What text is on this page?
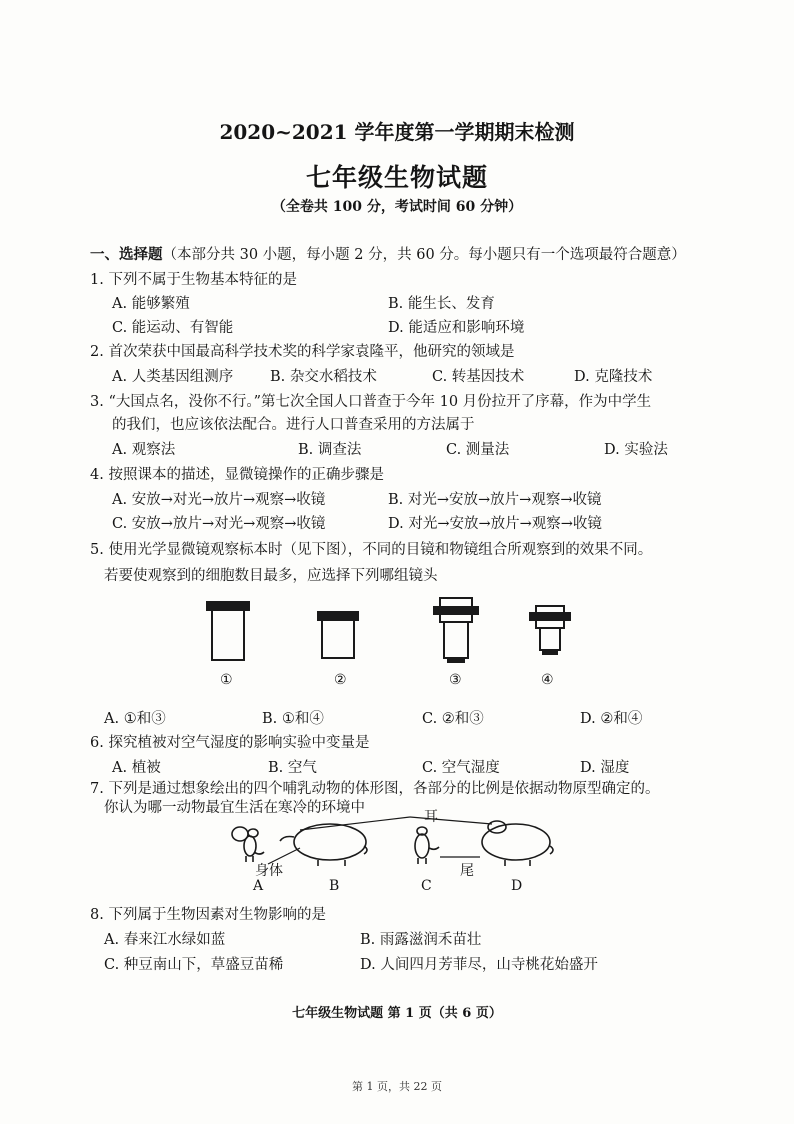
2020~2021 学年度第一学期期末检测
七年级生物试题
（全卷共 100 分，考试时间 60 分钟）
一、选择题（本部分共 30 小题，每小题 2 分，共 60 分。每小题只有一个选项最符合题意）
1. 下列不属于生物基本特征的是
A. 能够繁殖	B. 能生长、发育
C. 能运动、有智能	D. 能适应和影响环境
2. 首次荣获中国最高科学技术奖的科学家袁隆平，他研究的领域是
A. 人类基因组测序	B. 杂交水稻技术	C. 转基因技术	D. 克隆技术
3. “大国点名，没你不行。”第七次全国人口普查于今年 10 月份拉开了序幕，作为中学生
的我们，也应该依法配合。进行人口普查采用的方法属于
A. 观察法	B. 调查法	C. 测量法	D. 实验法
4. 按照课本的描述，显微镜操作的正确步骤是
A. 安放→对光→放片→观察→收镜	B. 对光→安放→放片→观察→收镜
C. 安放→放片→对光→观察→收镜	D. 对光→安放→放片→观察→收镜
5. 使用光学显微镜观察标本时（见下图），不同的目镜和物镜组合所观察到的效果不同。
若要使观察到的细胞数目最多，应选择下列哪组镜头
①	②	③	④
A. ①和③	B. ①和④	C. ②和③	D. ②和④
6. 探究植被对空气湿度的影响实验中变量是
A. 植被	B. 空气	C. 空气湿度	D. 湿度
7. 下列是通过想象绘出的四个哺乳动物的体形图，各部分的比例是依据动物原型确定的。
你认为哪一动物最宜生活在寒冷的环境中
耳
身体	尾
A	B	C	D
8. 下列属于生物因素对生物影响的是
A. 春来江水绿如蓝	B. 雨露滋润禾苗壮
C. 种豆南山下，草盛豆苗稀	D. 人间四月芳菲尽，山寺桃花始盛开
七年级生物试题 第 1 页（共 6 页）
第 1 页，共 22 页
